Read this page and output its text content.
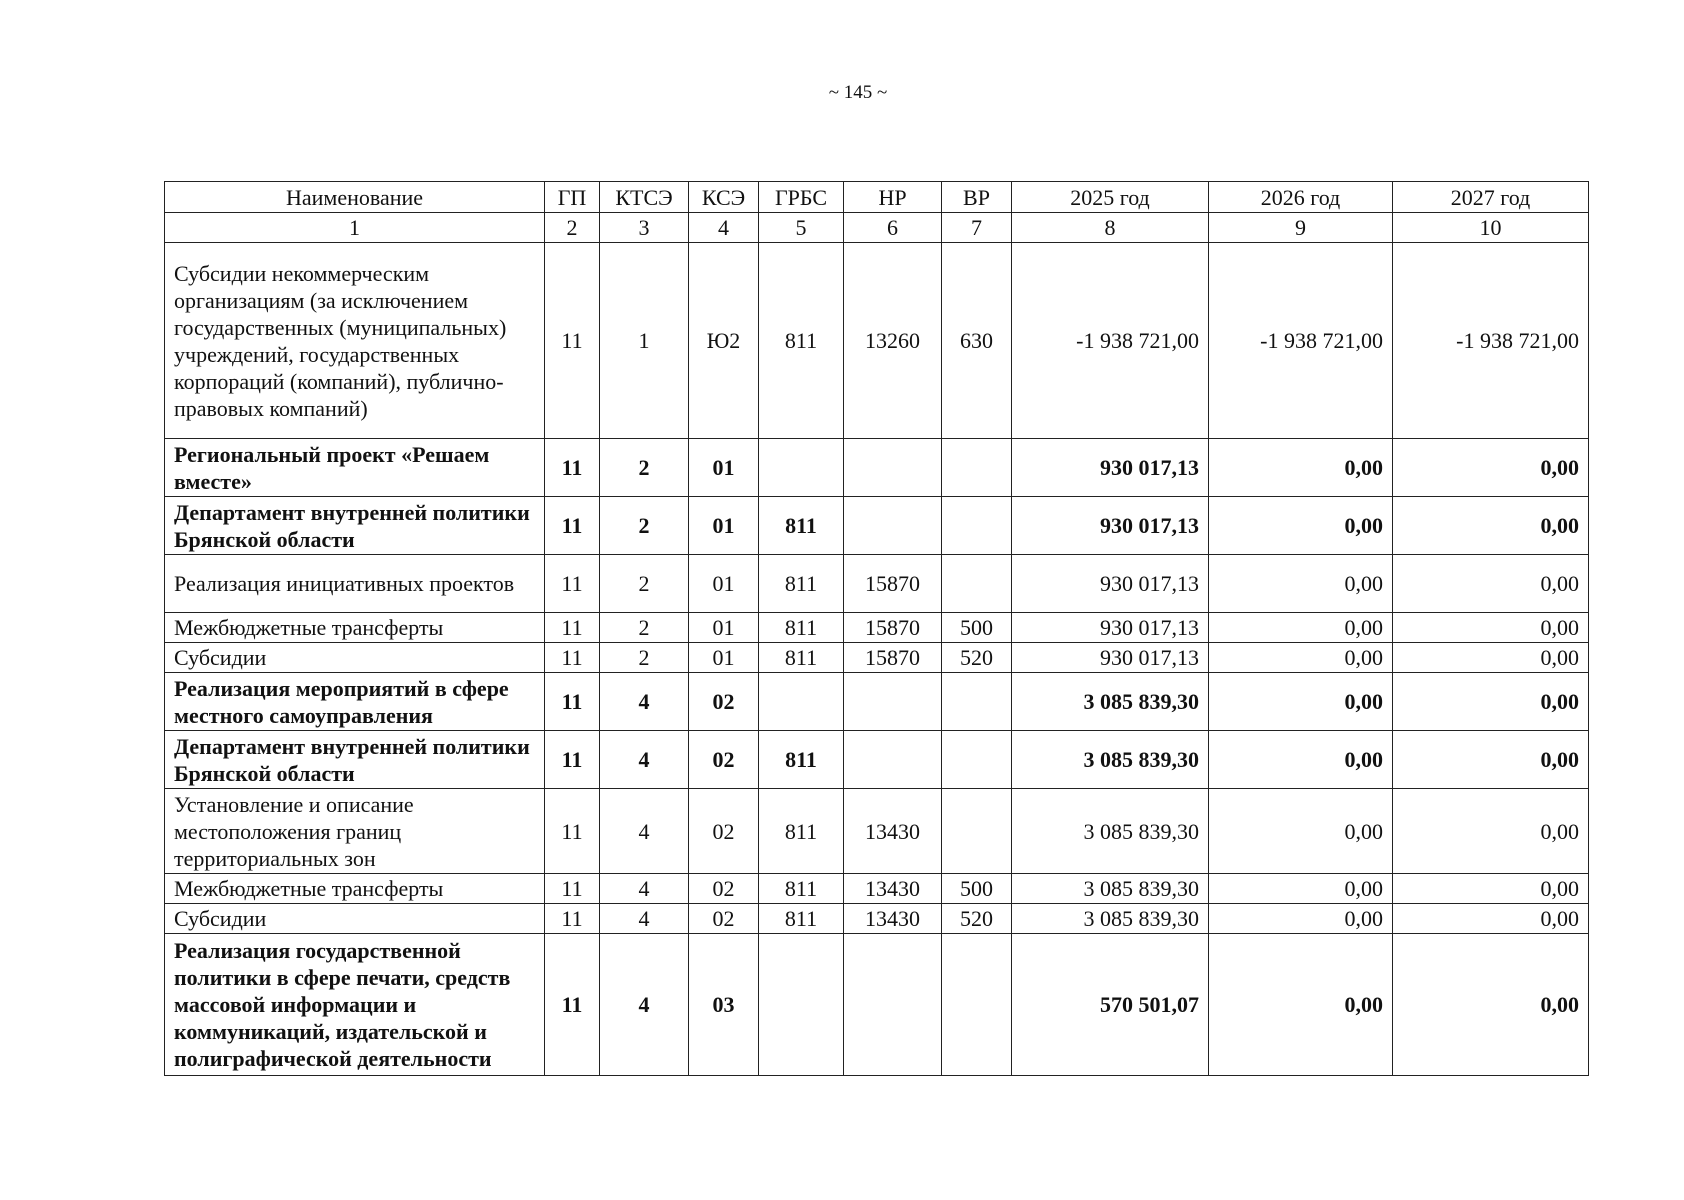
~ 145 ~
Наименование	ГП	КТСЭ	КСЭ	ГРБС	НР	ВР	2025 год	2026 год	2027 год
1	2	3	4	5	6	7	8	9	10
Субсидии некоммерческим организациям (за исключением государственных (муниципальных) учреждений, государственных корпораций (компаний), публично-правовых компаний)	11	1	Ю2	811	13260	630	-1 938 721,00	-1 938 721,00	-1 938 721,00
Региональный проект «Решаем вместе»	11	2	01				930 017,13	0,00	0,00
Департамент внутренней политики Брянской области	11	2	01	811			930 017,13	0,00	0,00
Реализация инициативных проектов	11	2	01	811	15870		930 017,13	0,00	0,00
Межбюджетные трансферты	11	2	01	811	15870	500	930 017,13	0,00	0,00
Субсидии	11	2	01	811	15870	520	930 017,13	0,00	0,00
Реализация мероприятий в сфере местного самоуправления	11	4	02				3 085 839,30	0,00	0,00
Департамент внутренней политики Брянской области	11	4	02	811			3 085 839,30	0,00	0,00
Установление и описание местоположения границ территориальных зон	11	4	02	811	13430		3 085 839,30	0,00	0,00
Межбюджетные трансферты	11	4	02	811	13430	500	3 085 839,30	0,00	0,00
Субсидии	11	4	02	811	13430	520	3 085 839,30	0,00	0,00
Реализация государственной политики в сфере печати, средств массовой информации и коммуникаций, издательской и полиграфической деятельности	11	4	03				570 501,07	0,00	0,00
